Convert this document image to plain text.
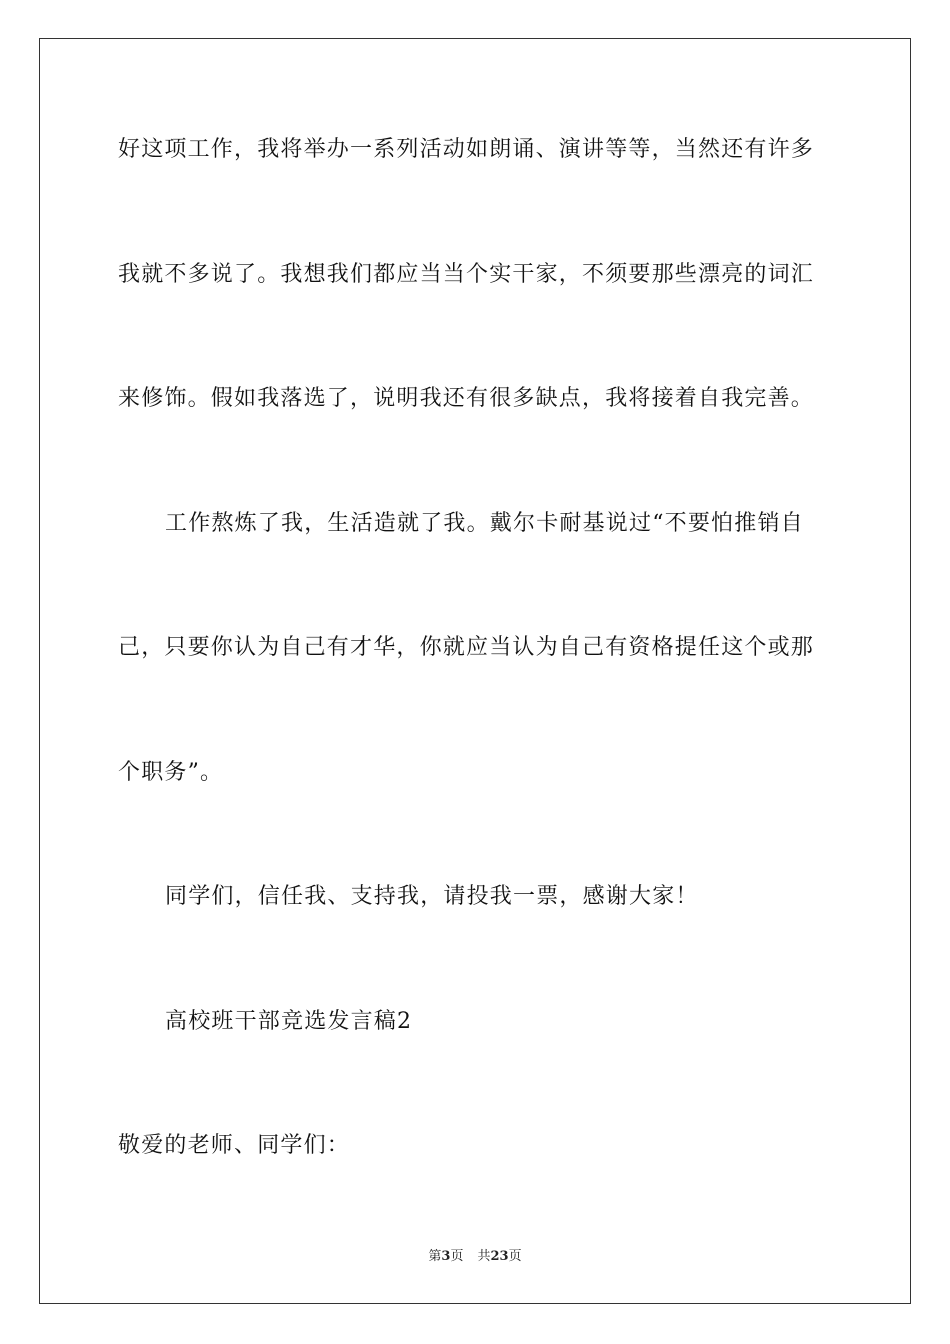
好这项工作，我将举办一系列活动如朗诵、演讲等等，当然还有许多
我就不多说了。我想我们都应当当个实干家，不须要那些漂亮的词汇
来修饰。假如我落选了，说明我还有很多缺点，我将接着自我完善。
工作熬炼了我，生活造就了我。戴尔卡耐基说过“不要怕推销自
己，只要你认为自己有才华，你就应当认为自己有资格提任这个或那
个职务”。
同学们，信任我、支持我，请投我一票，感谢大家！
高校班干部竞选发言稿2
敬爱的老师、同学们：
第3页 共23页
